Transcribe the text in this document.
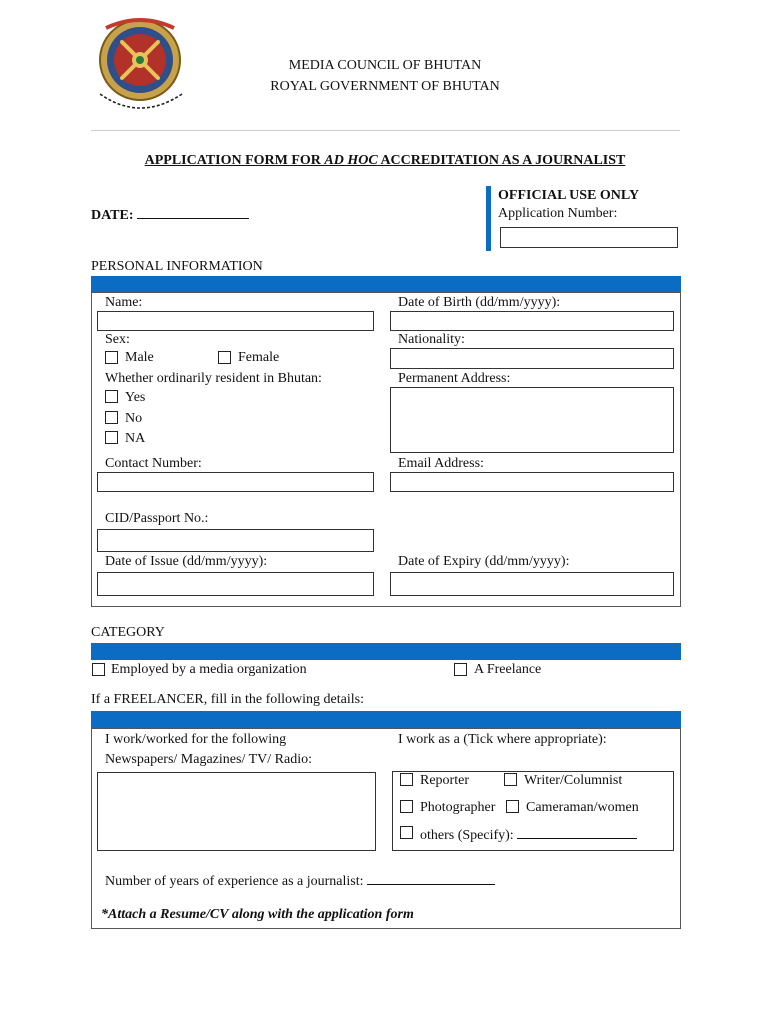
MEDIA COUNCIL OF BHUTAN
ROYAL GOVERNMENT OF BHUTAN
APPLICATION FORM FOR AD HOC ACCREDITATION AS A JOURNALIST
DATE:
OFFICIAL USE ONLY
Application Number:
PERSONAL INFORMATION
Name:	Date of Birth (dd/mm/yyyy):
Sex:
Male	Female
Nationality:
Whether ordinarily resident in Bhutan:
Yes
No
NA
Permanent Address:
Contact Number:	Email Address:
CID/Passport No.:
Date of Issue (dd/mm/yyyy):	Date of Expiry (dd/mm/yyyy):
CATEGORY
Employed by a media organization	A Freelance
If a FREELANCER, fill in the following details:
I work/worked for the following
Newspapers/ Magazines/ TV/ Radio:
I work as a (Tick where appropriate):
Reporter	Writer/Columnist
Photographer Cameraman/women
others (Specify):
Number of years of experience as a journalist:
*Attach a Resume/CV along with the application form
